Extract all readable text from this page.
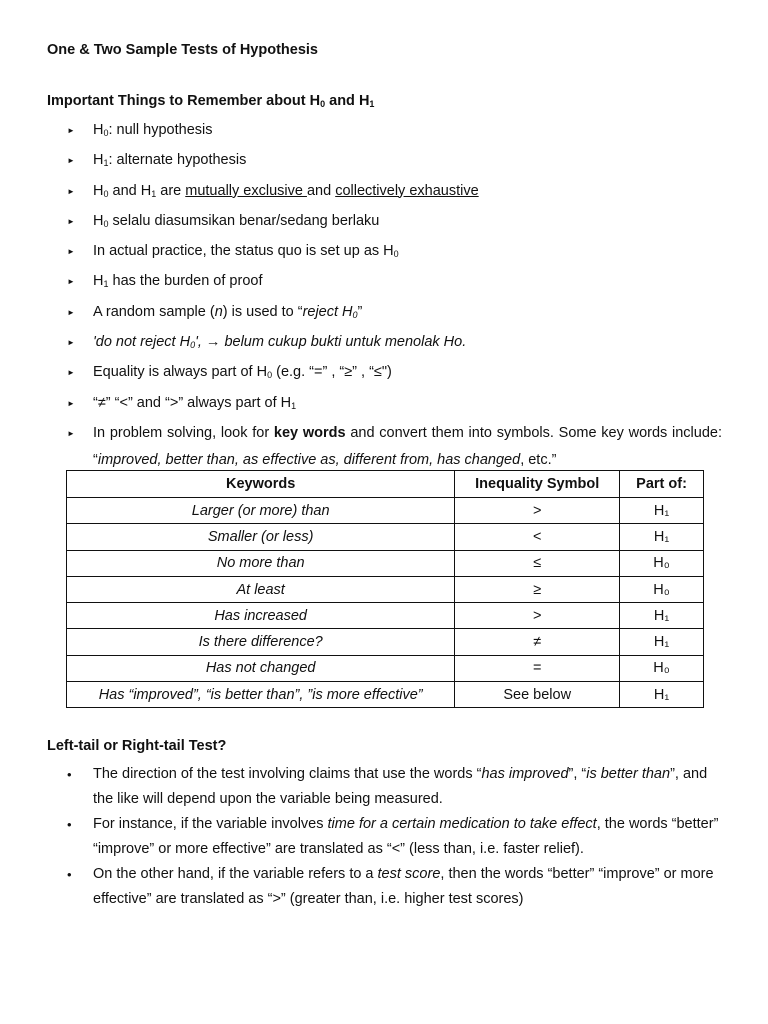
One & Two Sample Tests of Hypothesis
Important Things to Remember about $H_0$ and $H_1$
► $H_0$: null hypothesis
► $H_1$: alternate hypothesis
► $H_0$ and $H_1$ are mutually exclusive and collectively exhaustive
► $H_0$ selalu diasumsikan benar/sedang berlaku
► In actual practice, the status quo is set up as $H_0$
► $H_1$ has the burden of proof
► A random sample (n) is used to “reject $H_0$”
► 'do not reject $H_0'$, → belum cukup bukti untuk menolak Ho.
► Equality is always part of $H_0$ (e.g. “=” , “≥” , “≤")
► “≠” “<” and “>” always part of $H_1$
► In problem solving, look for key words and convert them into symbols. Some key words include: “improved, better than, as effective as, different from, has changed, etc.”
Keywords	Inequality Symbol	Part of:
Larger (or more) than	>	H₁
Smaller (or less)	<	H₁
No more than	≤	H₀
At least	≥	H₀
Has increased	>	H₁
Is there difference?	≠	H₁
Has not changed	=	H₀
Has “improved”, “is better than”, ”is more effective”	See below	H₁
Left-tail or Right-tail Test?
• The direction of the test involving claims that use the words “has improved”, “is better than”, and the like will depend upon the variable being measured.
• For instance, if the variable involves time for a certain medication to take effect, the words “better” “improve” or more effective” are translated as “<” (less than, i.e. faster relief).
• On the other hand, if the variable refers to a test score, then the words “better” “improve” or more effective” are translated as “>” (greater than, i.e. higher test scores)
